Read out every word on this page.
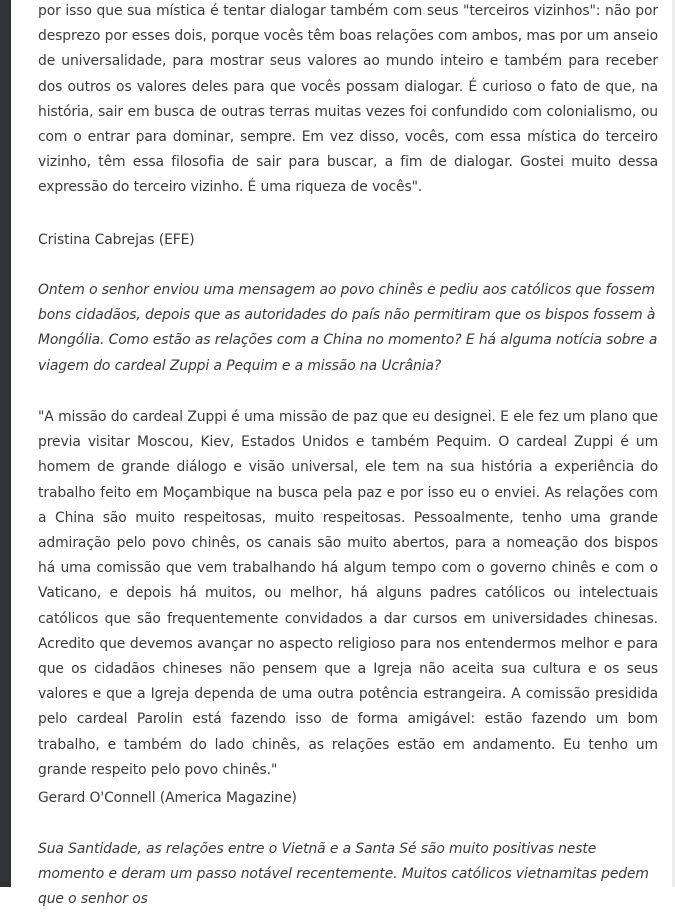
por isso que sua mística é tentar dialogar também com seus "terceiros vizinhos": não por desprezo por esses dois, porque vocês têm boas relações com ambos, mas por um anseio de universalidade, para mostrar seus valores ao mundo inteiro e também para receber dos outros os valores deles para que vocês possam dialogar. É curioso o fato de que, na história, sair em busca de outras terras muitas vezes foi confundido com colonialismo, ou com o entrar para dominar, sempre. Em vez disso, vocês, com essa mística do terceiro vizinho, têm essa filosofia de sair para buscar, a fim de dialogar. Gostei muito dessa expressão do terceiro vizinho. É uma riqueza de vocês".

Cristina Cabrejas (EFE)

Ontem o senhor enviou uma mensagem ao povo chinês e pediu aos católicos que fossem bons cidadãos, depois que as autoridades do país não permitiram que os bispos fossem à Mongólia. Como estão as relações com a China no momento? E há alguma notícia sobre a viagem do cardeal Zuppi a Pequim e a missão na Ucrânia?

"A missão do cardeal Zuppi é uma missão de paz que eu designei. E ele fez um plano que previa visitar Moscou, Kiev, Estados Unidos e também Pequim. O cardeal Zuppi é um homem de grande diálogo e visão universal, ele tem na sua história a experiência do trabalho feito em Moçambique na busca pela paz e por isso eu o enviei. As relações com a China são muito respeitosas, muito respeitosas. Pessoalmente, tenho uma grande admiração pelo povo chinês, os canais são muito abertos, para a nomeação dos bispos há uma comissão que vem trabalhando há algum tempo com o governo chinês e com o Vaticano, e depois há muitos, ou melhor, há alguns padres católicos ou intelectuais católicos que são frequentemente convidados a dar cursos em universidades chinesas. Acredito que devemos avançar no aspecto religioso para nos entendermos melhor e para que os cidadãos chineses não pensem que a Igreja não aceita sua cultura e os seus valores e que a Igreja dependa de uma outra potência estrangeira. A comissão presidida pelo cardeal Parolin está fazendo isso de forma amigável: estão fazendo um bom trabalho, e também do lado chinês, as relações estão em andamento. Eu tenho um grande respeito pelo povo chinês."

Gerard O'Connell (America Magazine)

Sua Santidade, as relações entre o Vietnã e a Santa Sé são muito positivas neste momento e deram um passo notável recentemente. Muitos católicos vietnamitas pedem que o senhor os
